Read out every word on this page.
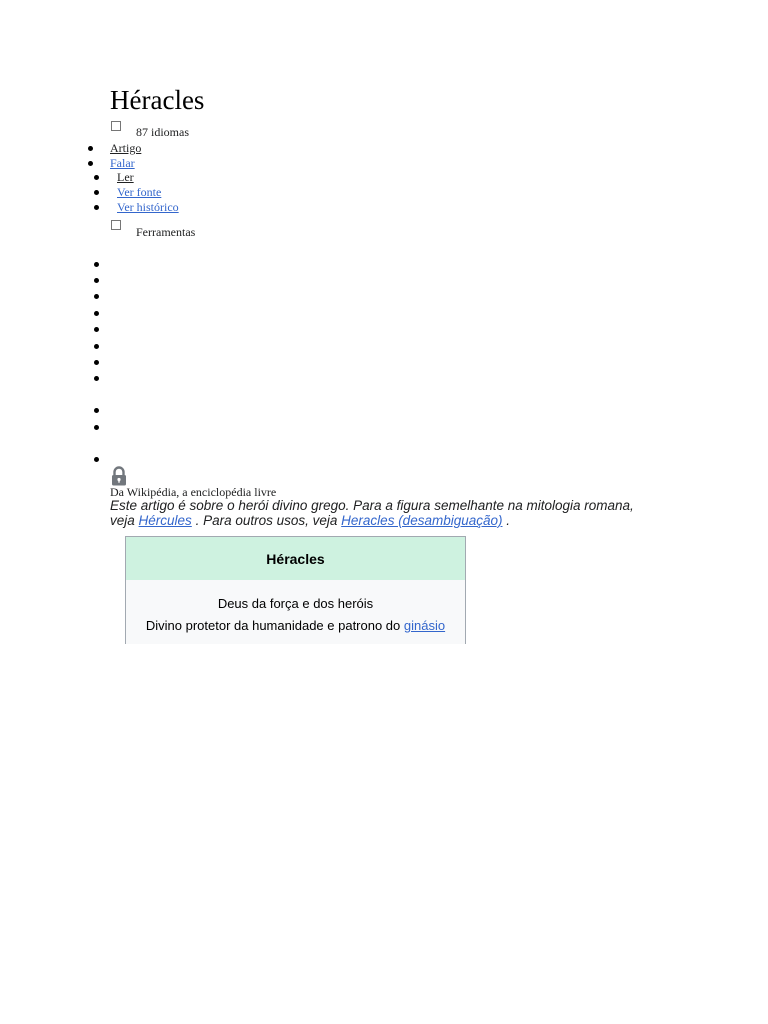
Héracles
87 idiomas
Artigo
Falar
Ler
Ver fonte
Ver histórico
Ferramentas
Da Wikipédia, a enciclopédia livre
Este artigo é sobre o herói divino grego. Para a figura semelhante na mitologia romana, veja Hércules . Para outros usos, veja Heracles (desambiguação) .
Héracles
Deus da força e dos heróis
Divino protetor da humanidade e patrono do ginásio
